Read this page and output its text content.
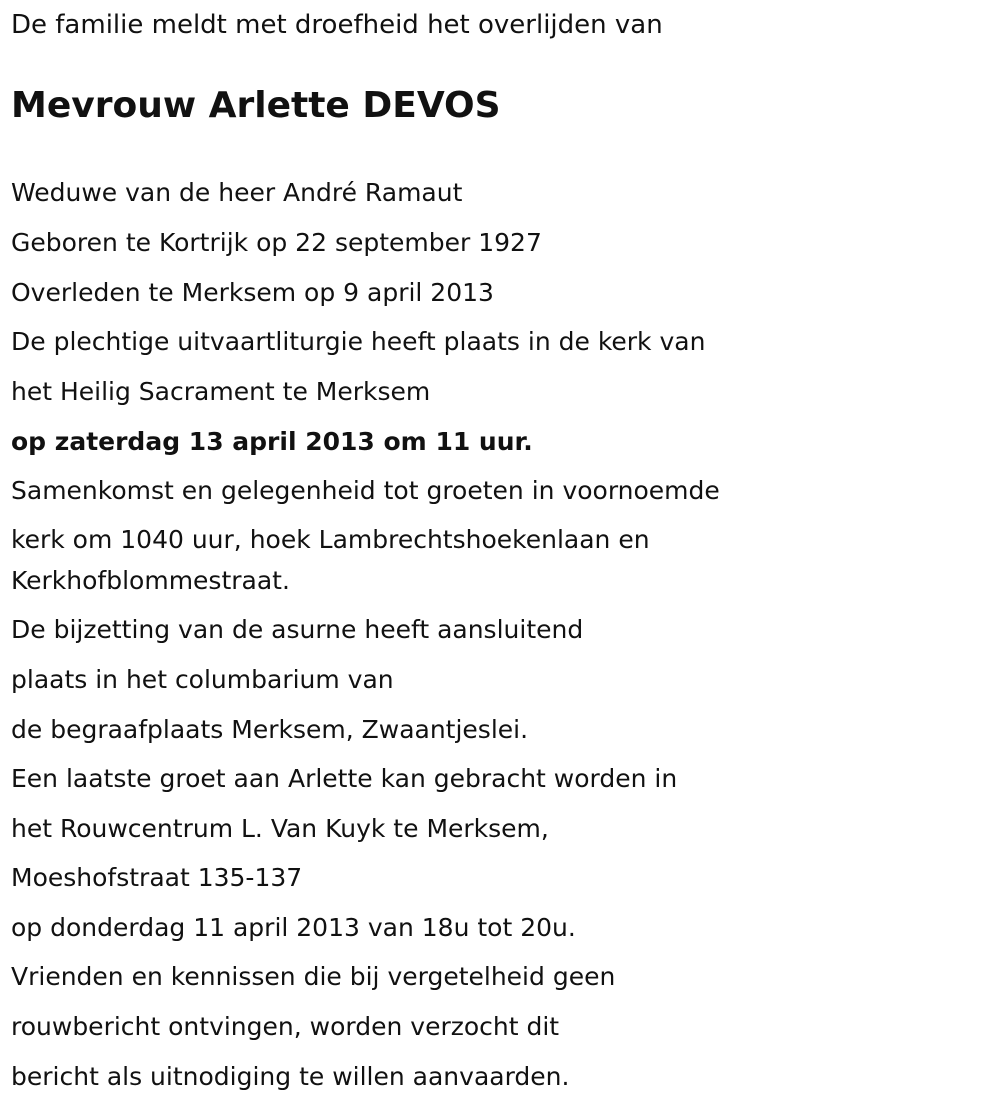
De familie meldt met droefheid het overlijden van
Mevrouw Arlette DEVOS
Weduwe van de heer André Ramaut
Geboren te Kortrijk op 22 september 1927
Overleden te Merksem op 9 april 2013
De plechtige uitvaartliturgie heeft plaats in de kerk van
het Heilig Sacrament te Merksem
op zaterdag 13 april 2013 om 11 uur.
Samenkomst en gelegenheid tot groeten in voornoemde
kerk om 1040 uur, hoek Lambrechtshoekenlaan en
Kerkhofblommestraat.
De bijzetting van de asurne heeft aansluitend
plaats in het columbarium van
de begraafplaats Merksem, Zwaantjeslei.
Een laatste groet aan Arlette kan gebracht worden in
het Rouwcentrum L. Van Kuyk te Merksem,
Moeshofstraat 135-137
op donderdag 11 april 2013 van 18u tot 20u.
Vrienden en kennissen die bij vergetelheid geen
rouwbericht ontvingen, worden verzocht dit
bericht als uitnodiging te willen aanvaarden.
